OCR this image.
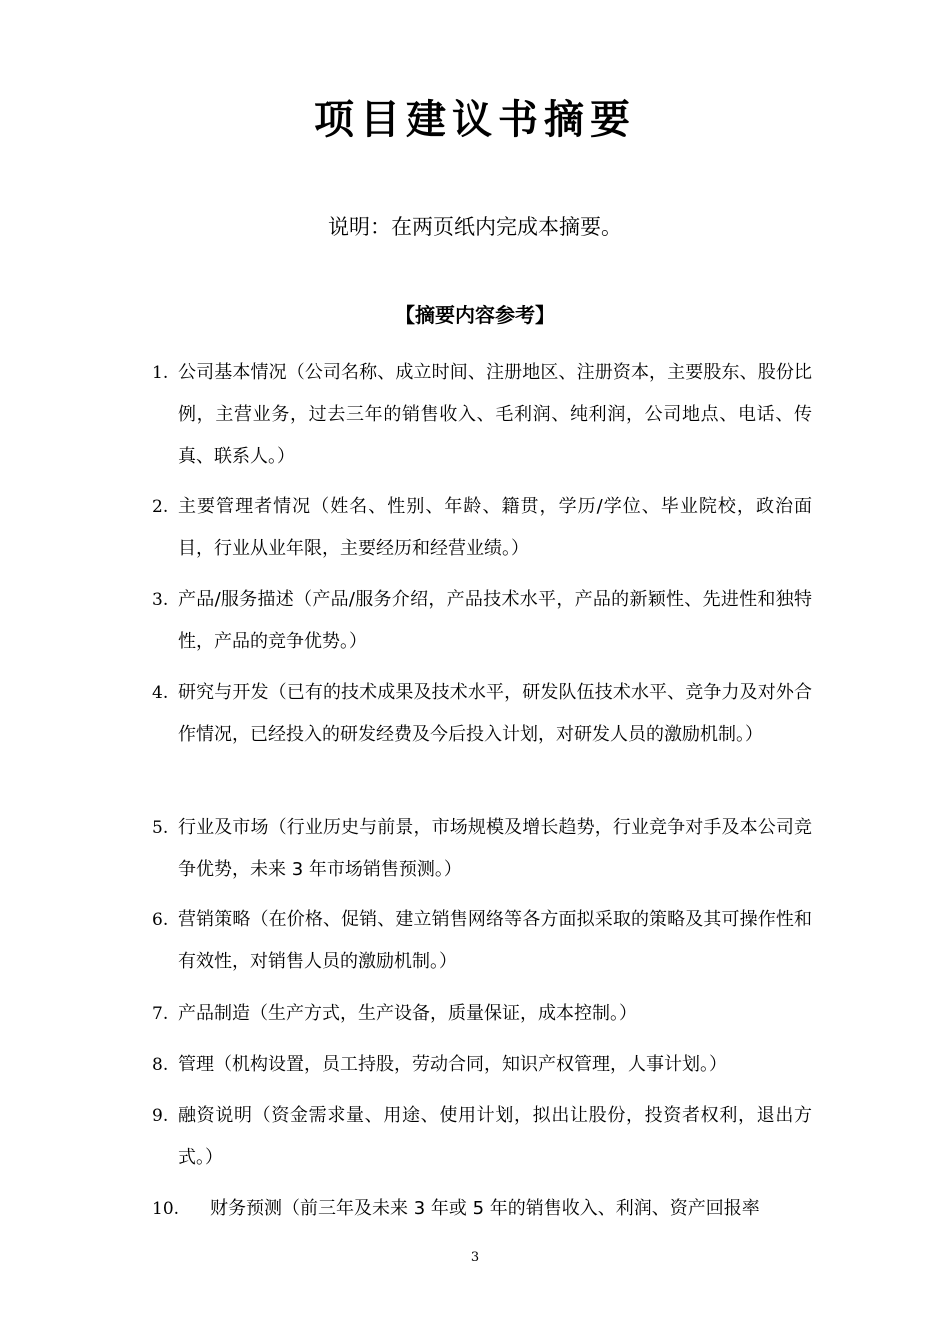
项目建议书摘要
说明：在两页纸内完成本摘要。
【摘要内容参考】
1. 公司基本情况（公司名称、成立时间、注册地区、注册资本，主要股东、股份比例，主营业务，过去三年的销售收入、毛利润、纯利润，公司地点、电话、传真、联系人。）
2. 主要管理者情况（姓名、性别、年龄、籍贯，学历/学位、毕业院校，政治面目，行业从业年限，主要经历和经营业绩。）
3. 产品/服务描述（产品/服务介绍，产品技术水平，产品的新颖性、先进性和独特性，产品的竞争优势。）
4. 研究与开发（已有的技术成果及技术水平，研发队伍技术水平、竞争力及对外合作情况，已经投入的研发经费及今后投入计划，对研发人员的激励机制。）
5. 行业及市场（行业历史与前景，市场规模及增长趋势，行业竞争对手及本公司竞争优势，未来 3 年市场销售预测。）
6. 营销策略（在价格、促销、建立销售网络等各方面拟采取的策略及其可操作性和有效性，对销售人员的激励机制。）
7. 产品制造（生产方式，生产设备，质量保证，成本控制。）
8. 管理（机构设置，员工持股，劳动合同，知识产权管理，人事计划。）
9. 融资说明（资金需求量、用途、使用计划，拟出让股份，投资者权利，退出方式。）
10. 财务预测（前三年及未来 3 年或 5 年的销售收入、利润、资产回报率
3
